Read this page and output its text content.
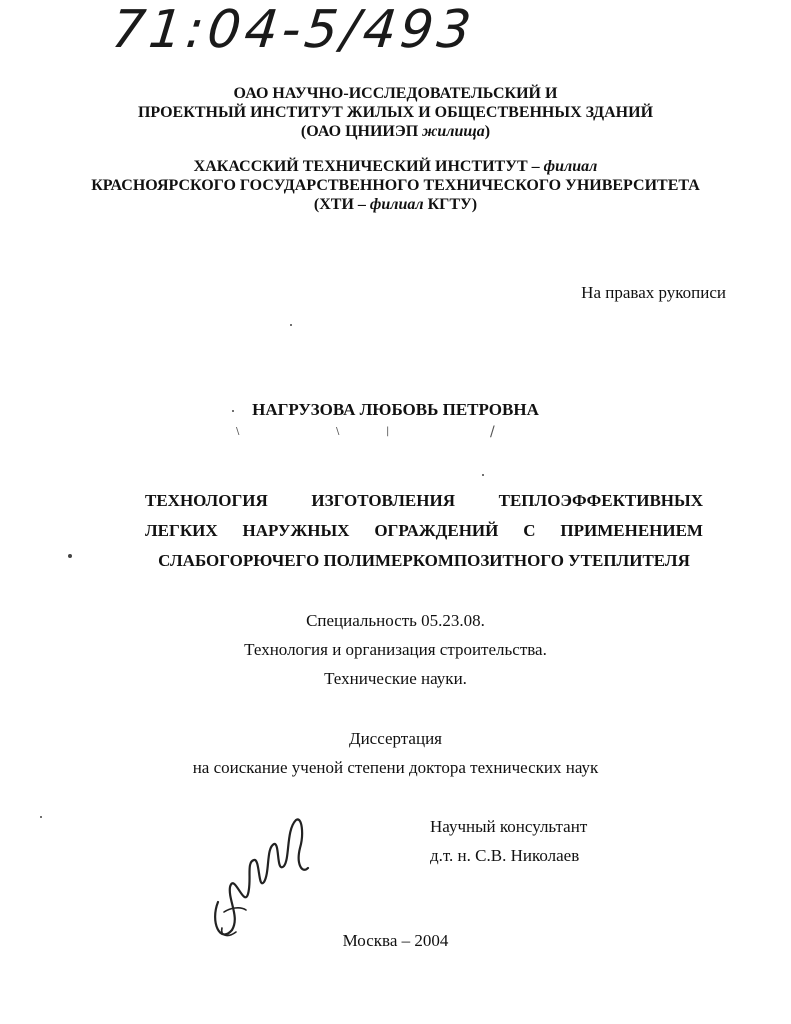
71:04-5/493
ОАО НАУЧНО-ИССЛЕДОВАТЕЛЬСКИЙ И
ПРОЕКТНЫЙ ИНСТИТУТ ЖИЛЫХ И ОБЩЕСТВЕННЫХ ЗДАНИЙ
(ОАО ЦНИИЭП жилища)
ХАКАССКИЙ ТЕХНИЧЕСКИЙ ИНСТИТУТ – филиал
КРАСНОЯРСКОГО ГОСУДАРСТВЕННОГО ТЕХНИЧЕСКОГО УНИВЕРСИТЕТА
(ХТИ – филиал КГТУ)
На правах рукописи
НАГРУЗОВА ЛЮБОВЬ ПЕТРОВНА
ТЕХНОЛОГИЯ	ИЗГОТОВЛЕНИЯ	ТЕПЛОЭФФЕКТИВНЫХ
ЛЕГКИХ НАРУЖНЫХ ОГРАЖДЕНИЙ С ПРИМЕНЕНИЕМ
СЛАБОГОРЮЧЕГО ПОЛИМЕРКОМПОЗИТНОГО УТЕПЛИТЕЛЯ
Специальность 05.23.08.
Технология и организация строительства.
Технические науки.
Диссертация
на соискание ученой степени доктора технических наук
Научный консультант
д.т. н. С.В. Николаев
Москва – 2004
/
\	\	|
